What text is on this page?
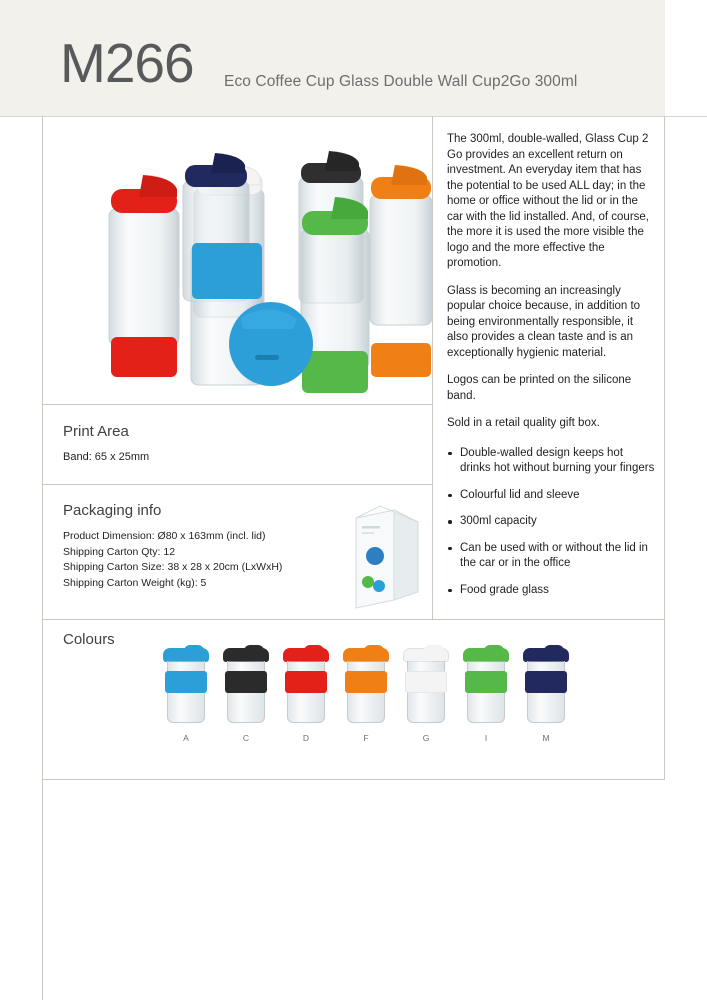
M266 Eco Coffee Cup Glass Double Wall Cup2Go 300ml

The 300ml, double-walled, Glass Cup 2 Go provides an excellent return on investment. An everyday item that has the potential to be used ALL day; in the home or office without the lid or in the car with the lid installed. And, of course, the more it is used the more visible the logo and the more effective the promotion.

Glass is becoming an increasingly popular choice because, in addition to being environmentally responsible, it also provides a clean taste and is an exceptionally hygienic material.

Logos can be printed on the silicone band.

Sold in a retail quality gift box.

Double-walled design keeps hot drinks hot without burning your fingers
Colourful lid and sleeve
300ml capacity
Can be used with or without the lid in the car or in the office
Food grade glass
Print Area
Band: 65 x 25mm
Packaging info
Product Dimension: Ø80 x 163mm (incl. lid)
Shipping Carton Qty: 12
Shipping Carton Size: 38 x 28 x 20cm (LxWxH)
Shipping Carton Weight (kg): 5
Colours
A	C	D	F	G	I	M
